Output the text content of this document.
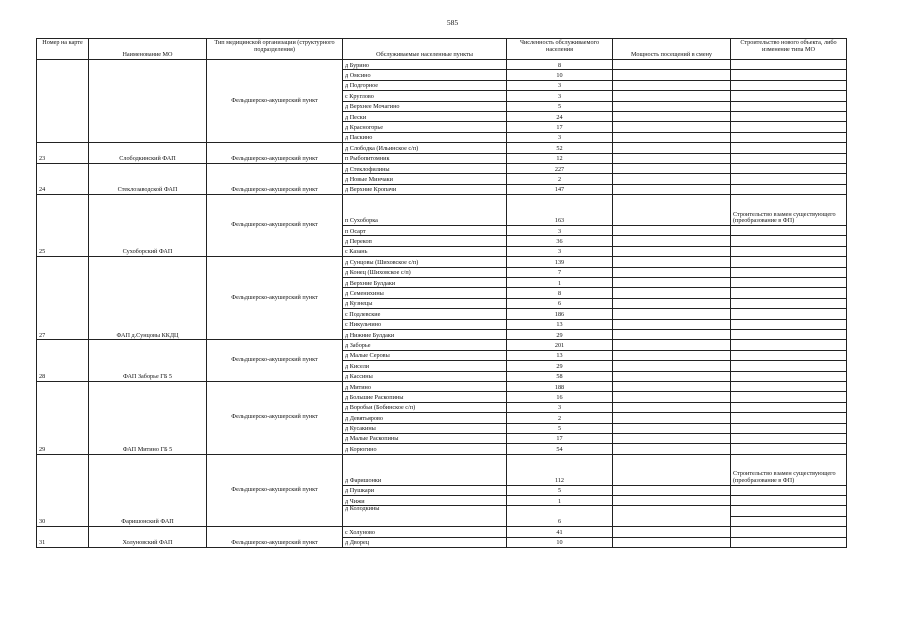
585
Номер на карте	Наименование МО	Тип медицинской организации (структурного подразделения)	Обслуживаемые населенные пункты	Численность обслуживаемого населения	Мощность посещений в смену	Строительство нового объекта, либо изменение типа МО
		Фельдшерско-акушерский пункт	д Бурино	8		
			д Омсино	10		
			д Подгорное	3		
			с Круглово	3		
			д Верхнее Мочагино	5		
			д Пески	24		
			д Красногорье	17		
			д Паскино	3		
23	Слободкинский ФАП	Фельдшерско-акушерский пункт	д Слободка (Ильинское с/п)	52		
			п Рыбопитомник	12		
24	Стеклозаводской ФАП	Фельдшерско-акушерский пункт	д Стеклофилины	227		
			д Новые Минчаки	2		
			д Верхние Кропачи	147		
25	Сухоборский ФАП	Фельдшерско-акушерский пункт	п Сухоборка	163		Строительство взамен существующего (преобразование в ФП)
			п Осарт	3		
			д Перекоп	36		
			с Казань	3		
27	ФАП д.Сунцовы ККДЦ	Фельдшерско-акушерский пункт	д Сунцовы (Шиховское с/п)	139		
			д Конец (Шиховское с/п)	7		
			д Верхние Булдаки	1		
			д Семенихины	8		
			д Кузнецы	6		
			с Подлевские	186		
			с Никульчино	13		
			д Нижние Булдаки	29		
28	ФАП Заборье ГБ 5	Фельдшерско-акушерский пункт	д Заборье	201		
			д Малые Серовы	13		
			д Кисели	29		
			д Кассины	58		
29	ФАП Митино ГБ 5	Фельдшерско-акушерский пункт	д Митино	188		
			д Большие Раскопины	16		
			д Воробьи (Бобинское с/п)	3		
			д Девятьярово	2		
			д Кусакины	5		
			д Малые Раскопины	17		
			д Корюгино	54		
30	Фаришонский ФАП	Фельдшерско-акушерский пункт	д Фаришонки	112		Строительство взамен существующего (преобразование в ФП)
			д Пушкари	5		
			д Чижи	1		
			д Колодкины	6		

31	Холуновский ФАП	Фельдшерско-акушерский пункт	с Холуново	41		
			д Дворец	10		
